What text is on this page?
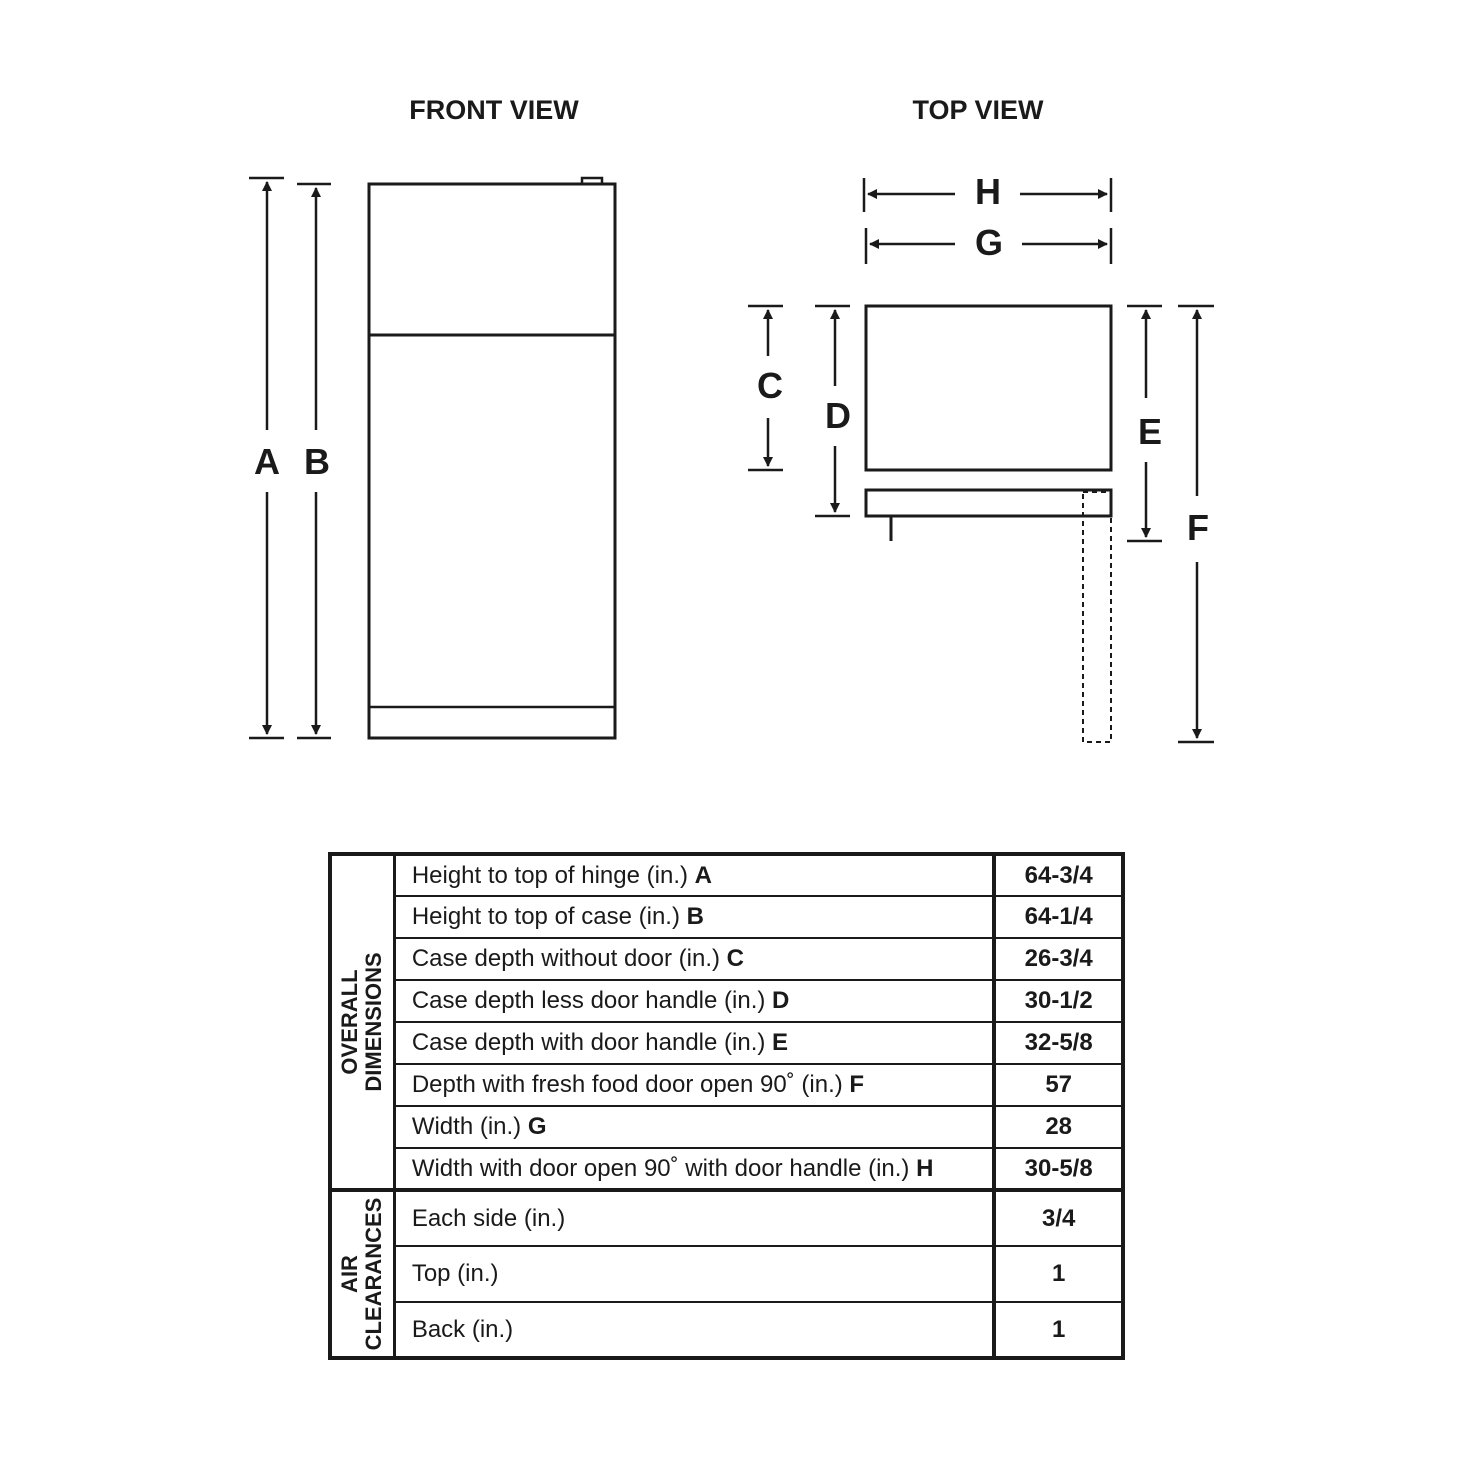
FRONT VIEW	TOP VIEW
A B
H
G
C
D	E
F
OVERALL DIMENSIONS	Height to top of hinge (in.) A	64-3/4
	Height to top of case (in.) B	64-1/4
	Case depth without door (in.) C	26-3/4
	Case depth less door handle (in.) D	30-1/2
	Case depth with door handle (in.) E	32-5/8
	Depth with fresh food door open 90˚ (in.) F	57
	Width (in.) G	28
	Width with door open 90˚ with door handle (in.) H	30-5/8

AIR CLEARANCES	Each side (in.)	3/4
	Top (in.)	1
	Back (in.)	1
